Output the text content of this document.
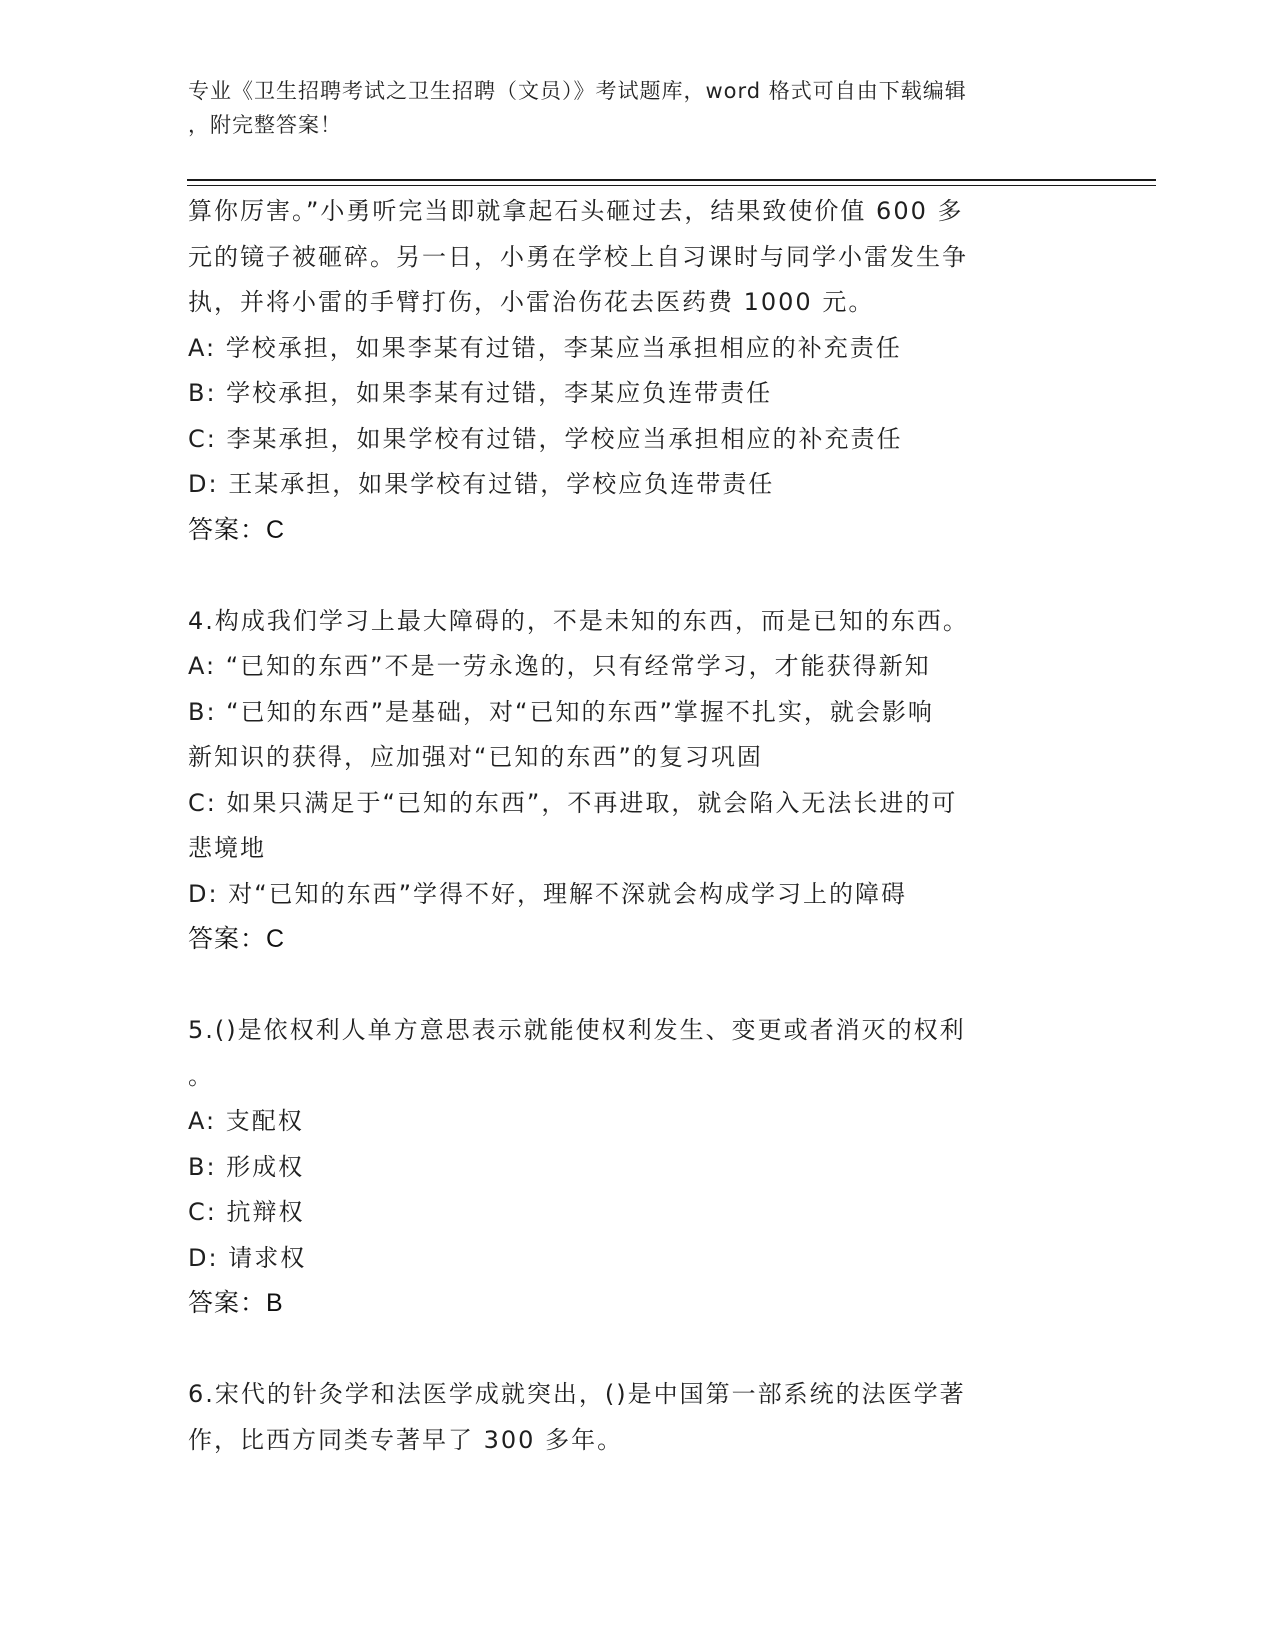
专业《卫生招聘考试之卫生招聘（文员）》考试题库，word 格式可自由下载编辑
，附完整答案！
算你厉害。”小勇听完当即就拿起石头砸过去，结果致使价值 600 多
元的镜子被砸碎。另一日，小勇在学校上自习课时与同学小雷发生争
执，并将小雷的手臂打伤，小雷治伤花去医药费 1000 元。
A: 学校承担，如果李某有过错，李某应当承担相应的补充责任
B: 学校承担，如果李某有过错，李某应负连带责任
C: 李某承担，如果学校有过错，学校应当承担相应的补充责任
D: 王某承担，如果学校有过错，学校应负连带责任
答案：C
4.构成我们学习上最大障碍的，不是未知的东西，而是已知的东西。
A: “已知的东西”不是一劳永逸的，只有经常学习，才能获得新知
B: “已知的东西”是基础，对“已知的东西”掌握不扎实，就会影响
新知识的获得，应加强对“已知的东西”的复习巩固
C: 如果只满足于“已知的东西”，不再进取，就会陷入无法长进的可
悲境地
D: 对“已知的东西”学得不好，理解不深就会构成学习上的障碍
答案：C
5.()是依权利人单方意思表示就能使权利发生、变更或者消灭的权利
。
A: 支配权
B: 形成权
C: 抗辩权
D: 请求权
答案：B
6.宋代的针灸学和法医学成就突出，()是中国第一部系统的法医学著
作，比西方同类专著早了 300 多年。
